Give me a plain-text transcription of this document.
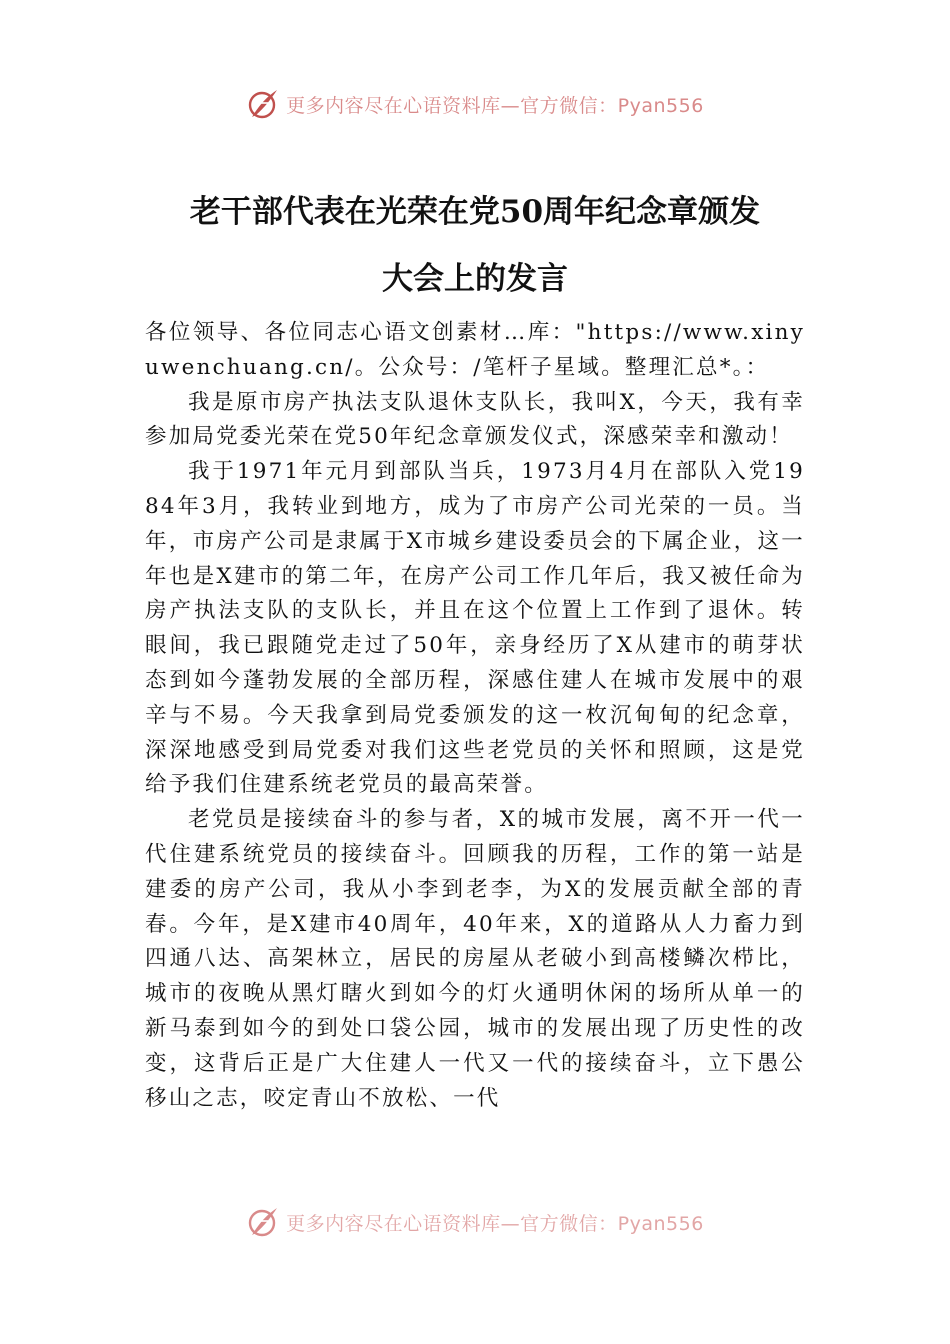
更多内容尽在心语资料库—官方微信：Pyan556
老干部代表在光荣在党50周年纪念章颁发
大会上的发言

各位领导、各位同志心语文创素材…库："https://www.xinyuwenchuang.cn/。公众号：/笔杆子星域。整理汇总*。：

我是原市房产执法支队退休支队长，我叫X，今天，我有幸参加局党委光荣在党50年纪念章颁发仪式，深感荣幸和激动！

我于1971年元月到部队当兵，1973月4月在部队入党1984年3月，我转业到地方，成为了市房产公司光荣的一员。当年，市房产公司是隶属于X市城乡建设委员会的下属企业，这一年也是X建市的第二年，在房产公司工作几年后，我又被任命为房产执法支队的支队长，并且在这个位置上工作到了退休。转眼间，我已跟随党走过了50年，亲身经历了X从建市的萌芽状态到如今蓬勃发展的全部历程，深感住建人在城市发展中的艰辛与不易。今天我拿到局党委颁发的这一枚沉甸甸的纪念章，深深地感受到局党委对我们这些老党员的关怀和照顾，这是党给予我们住建系统老党员的最高荣誉。

老党员是接续奋斗的参与者，X的城市发展，离不开一代一代住建系统党员的接续奋斗。回顾我的历程，工作的第一站是建委的房产公司，我从小李到老李，为X的发展贡献全部的青春。今年，是X建市40周年，40年来，X的道路从人力畜力到四通八达、高架林立，居民的房屋从老破小到高楼鳞次栉比，城市的夜晚从黑灯瞎火到如今的灯火通明休闲的场所从单一的新马泰到如今的到处口袋公园，城市的发展出现了历史性的改变，这背后正是广大住建人一代又一代的接续奋斗，立下愚公移山之志，咬定青山不放松、一代

更多内容尽在心语资料库—官方微信：Pyan556
